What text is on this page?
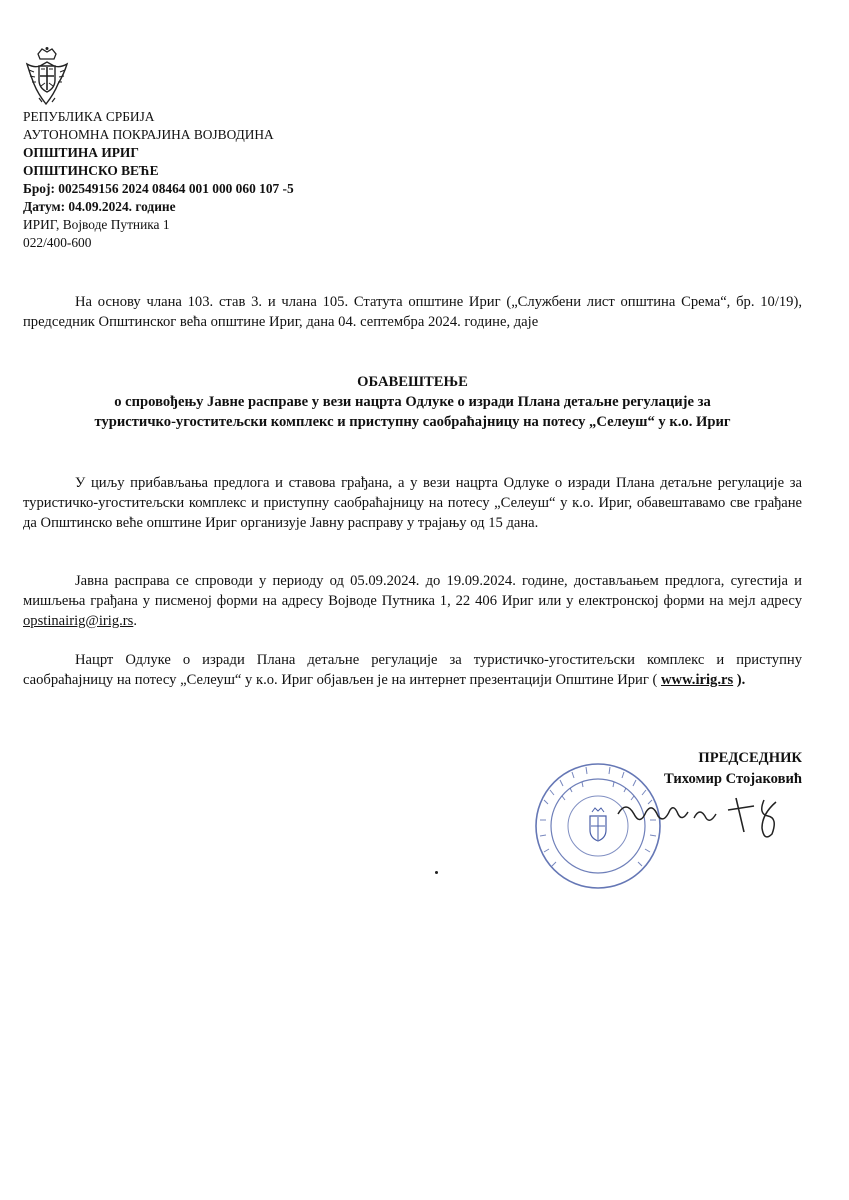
РЕПУБЛИКА СРБИЈА
АУТОНОМНА ПОКРАЈИНА ВОЈВОДИНА
ОПШТИНА ИРИГ
ОПШТИНСКО ВЕЋЕ
Број: 002549156 2024 08464 001 000 060 107 -5
Датум: 04.09.2024. године
ИРИГ, Војводе Путника 1
022/400-600

На основу члана 103. став 3. и члана 105. Статута општине Ириг („Службени лист општина Срема“, бр. 10/19), председник Општинског већа општине Ириг, дана 04. септембра 2024. године, даје

ОБАВЕШТЕЊЕ
о спровођењу Јавне расправе у вези нацрта Одлуке о изради Плана детаљне регулације за
туристичко-угоститељски комплекс и приступну саобраћајницу на потесу „Селеуш“ у к.о. Ириг

У циљу прибављања предлога и ставова грађана, а у вези нацрта Одлуке о изради Плана детаљне регулације за туристичко-угоститељски комплекс и приступну саобраћајницу на потесу „Селеуш“ у к.о. Ириг, обавештавамо све грађане да Општинско веће општине Ириг организује Јавну расправу у трајању од 15 дана.

Јавна расправа се спроводи у периоду од 05.09.2024. до 19.09.2024. године, достављањем предлога, сугестија и мишљења грађана у писменој форми на адресу Војводе Путника 1, 22 406 Ириг или у електронској форми на мејл адресу opstinairig@irig.rs.

Нацрт Одлуке о изради Плана детаљне регулације за туристичко-угоститељски комплекс и приступну саобраћајницу на потесу „Селеуш“ у к.о. Ириг објављен је на интернет презентацији Општине Ириг ( www.irig.rs ).

ПРЕДСЕДНИК
Тихомир Стојаковић
